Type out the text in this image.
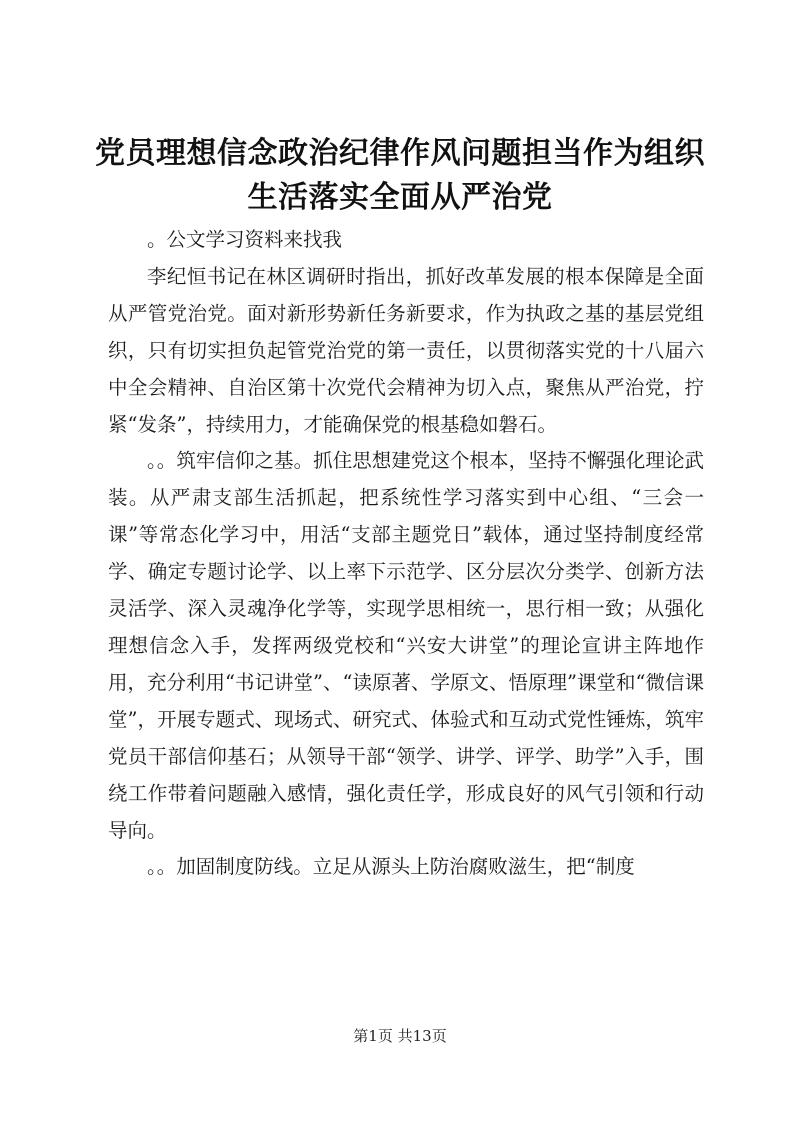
党员理想信念政治纪律作风问题担当作为组织生活落实全面从严治党

。公文学习资料来找我

李纪恒书记在林区调研时指出，抓好改革发展的根本保障是全面从严管党治党。面对新形势新任务新要求，作为执政之基的基层党组织，只有切实担负起管党治党的第一责任，以贯彻落实党的十八届六中全会精神、自治区第十次党代会精神为切入点，聚焦从严治党，拧紧“发条”，持续用力，才能确保党的根基稳如磐石。

。。筑牢信仰之基。抓住思想建党这个根本，坚持不懈强化理论武装。从严肃支部生活抓起，把系统性学习落实到中心组、“三会一课”等常态化学习中，用活“支部主题党日”载体，通过坚持制度经常学、确定专题讨论学、以上率下示范学、区分层次分类学、创新方法灵活学、深入灵魂净化学等，实现学思相统一，思行相一致；从强化理想信念入手，发挥两级党校和“兴安大讲堂”的理论宣讲主阵地作用，充分利用“书记讲堂”、“读原著、学原文、悟原理”课堂和“微信课堂”，开展专题式、现场式、研究式、体验式和互动式党性锤炼，筑牢党员干部信仰基石；从领导干部“领学、讲学、评学、助学”入手，围绕工作带着问题融入感情，强化责任学，形成良好的风气引领和行动导向。

。。加固制度防线。立足从源头上防治腐败滋生，把“制度

第1页 共13页
